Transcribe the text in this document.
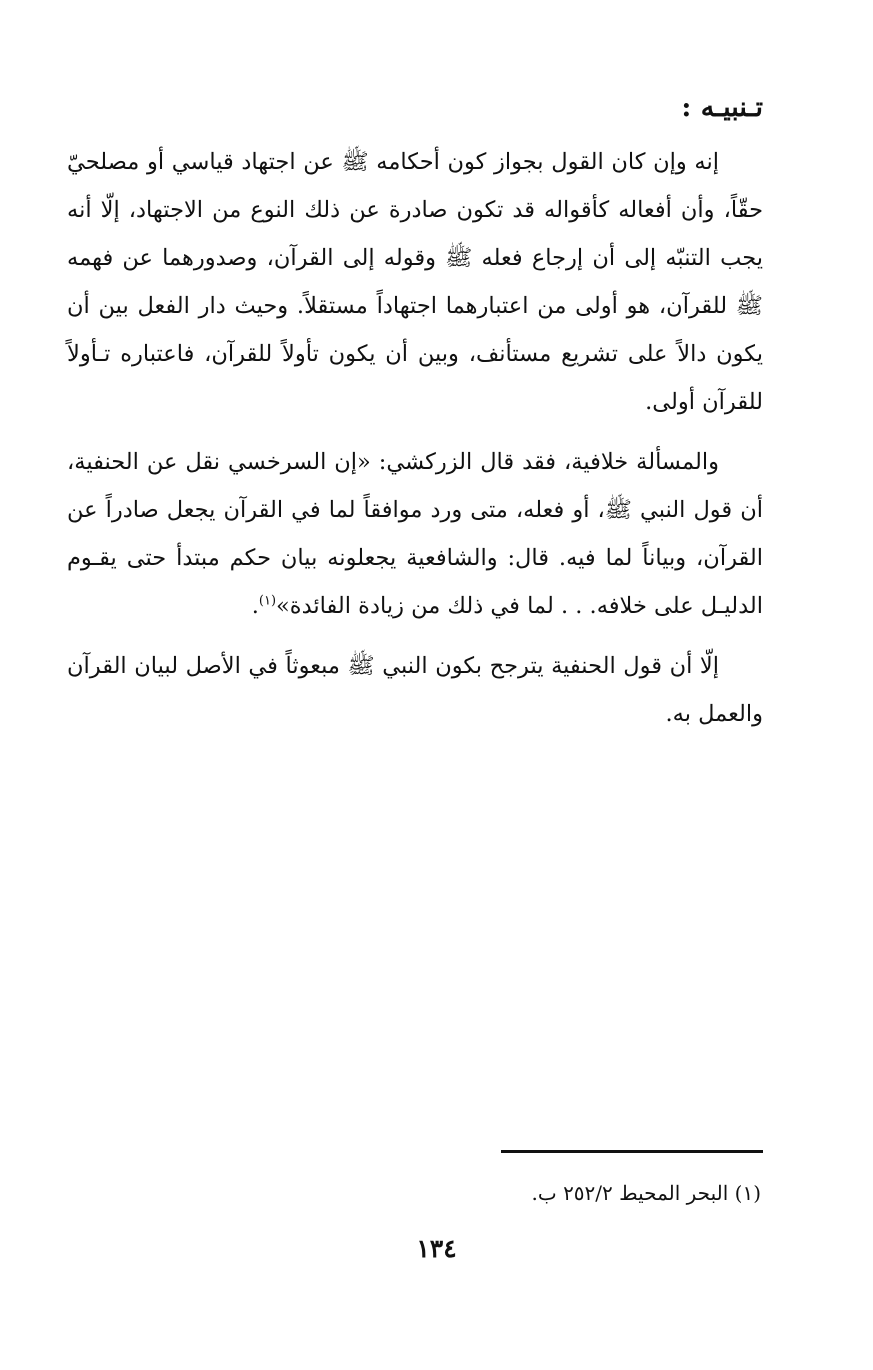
تـنبيـه :

إنه وإن كان القول بجواز كون أحكامه ﷺ عن اجتهاد قياسي أو مصلحيّ حقّاً، وأن أفعاله كأقواله قد تكون صادرة عن ذلك النوع من الاجتهاد، إلّا أنه يجب التنبّه إلى أن إرجاع فعله ﷺ وقوله إلى القرآن، وصدورهما عن فهمه ﷺ للقرآن، هو أولى من اعتبارهما اجتهاداً مستقلاً. وحيث دار الفعل بين أن يكون دالاً على تشريع مستأنف، وبين أن يكون تأولاً للقرآن، فاعتباره تـأولاً للقرآن أولى.

والمسألة خلافية، فقد قال الزركشي: «إن السرخسي نقل عن الحنفية، أن قول النبي ﷺ، أو فعله، متى ورد موافقاً لما في القرآن يجعل صادراً عن القرآن، وبياناً لما فيه. قال: والشافعية يجعلونه بيان حكم مبتدأ حتى يقـوم الدليـل على خلافه. . . لما في ذلك من زيادة الفائدة»$^{(١)}$.

إلّا أن قول الحنفية يترجح بكون النبي ﷺ مبعوثاً في الأصل لبيان القرآن والعمل به.

(١) البحر المحيط ٢٥٢/٢ ب.
١٣٤
